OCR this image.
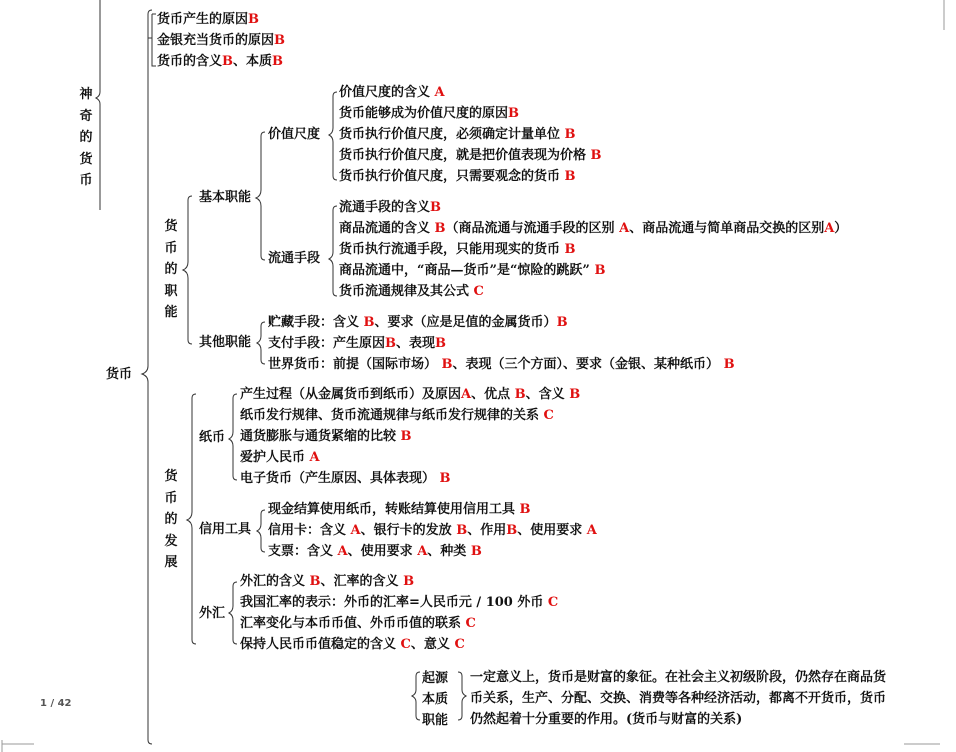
神
奇
的
货
币
货币
货币产生的原因B
金银充当货币的原因B
货币的含义B、本质B
货
币
的
职
能
基本职能
价值尺度
价值尺度的含义 A
货币能够成为价值尺度的原因B
货币执行价值尺度，必须确定计量单位 B
货币执行价值尺度，就是把价值表现为价格 B
货币执行价值尺度，只需要观念的货币 B
流通手段
流通手段的含义B
商品流通的含义 B（商品流通与流通手段的区别 A、商品流通与简单商品交换的区别A）
货币执行流通手段，只能用现实的货币 B
商品流通中，“商品—货币”是“惊险的跳跃” B
货币流通规律及其公式 C
其他职能
贮藏手段：含义 B、要求（应是足值的金属货币）B
支付手段：产生原因B、表现B
世界货币：前提（国际市场） B、表现（三个方面）、要求（金银、某种纸币） B
货
币
的
发
展
纸币
产生过程（从金属货币到纸币）及原因A、优点 B、含义 B
纸币发行规律、货币流通规律与纸币发行规律的关系 C
通货膨胀与通货紧缩的比较 B
爱护人民币 A
电子货币（产生原因、具体表现） B
信用工具
现金结算使用纸币，转账结算使用信用工具 B
信用卡：含义 A、银行卡的发放 B、作用B、使用要求 A
支票：含义 A、使用要求 A、种类 B
外汇
外汇的含义 B、汇率的含义 B
我国汇率的表示：外币的汇率=人民币元 / 100 外币 C
汇率变化与本币币值、外币币值的联系 C
保持人民币币值稳定的含义 C、意义 C
起源
本质
职能
一定意义上，货币是财富的象征。在社会主义初级阶段，仍然存在商品货币关系，生产、分配、交换、消费等各种经济活动，都离不开货币，货币仍然起着十分重要的作用。(货币与财富的关系)
1 / 42
